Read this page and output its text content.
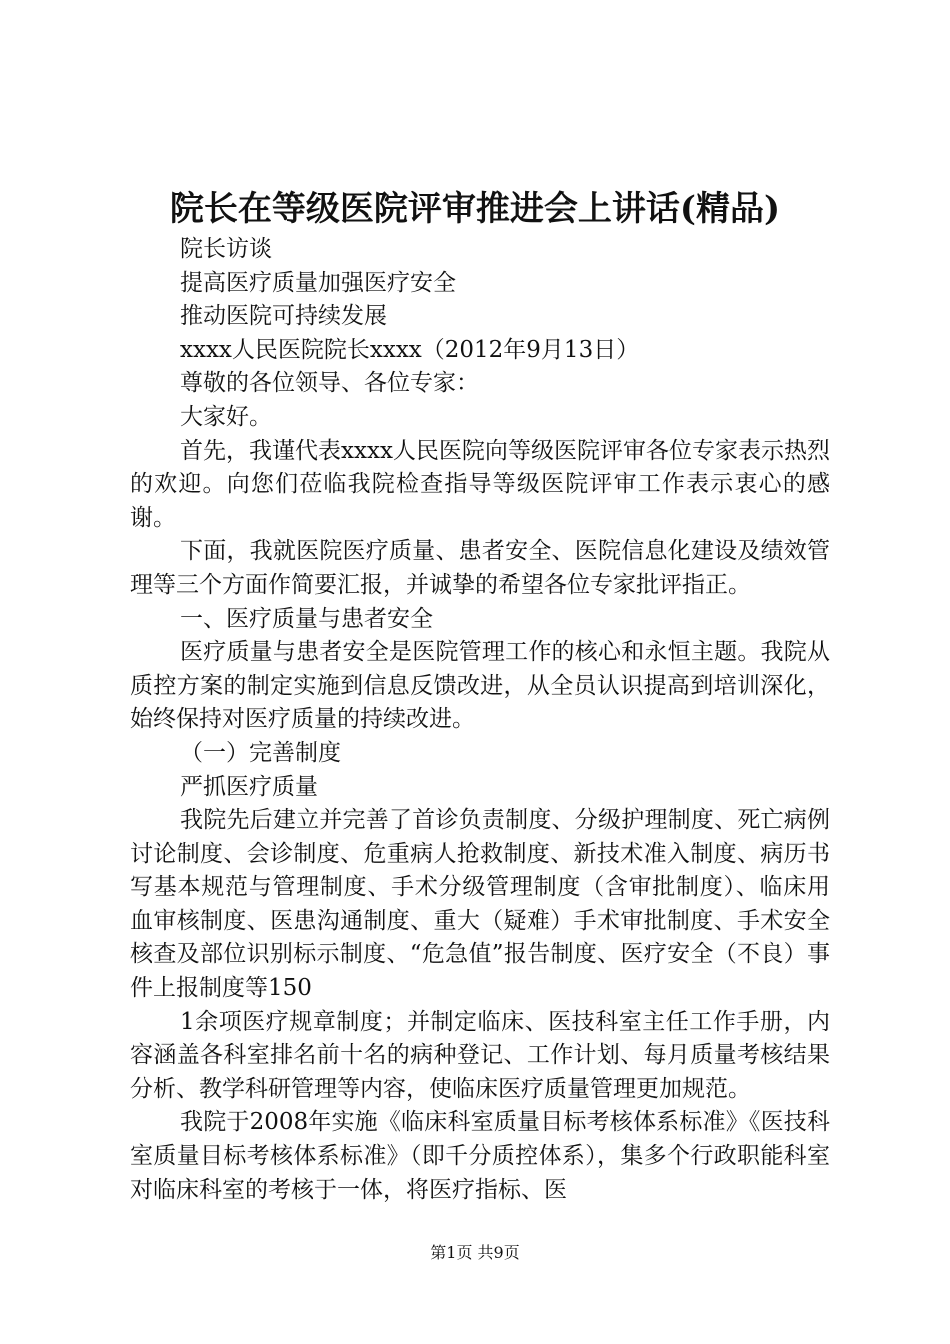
院长在等级医院评审推进会上讲话(精品)

院长访谈

提高医疗质量加强医疗安全

推动医院可持续发展

xxxx人民医院院长xxxx（2012年9月13日）

尊敬的各位领导、各位专家：

大家好。

首先，我谨代表xxxx人民医院向等级医院评审各位专家表示热烈的欢迎。向您们莅临我院检查指导等级医院评审工作表示衷心的感谢。

下面，我就医院医疗质量、患者安全、医院信息化建设及绩效管理等三个方面作简要汇报，并诚挚的希望各位专家批评指正。

一、医疗质量与患者安全

医疗质量与患者安全是医院管理工作的核心和永恒主题。我院从质控方案的制定实施到信息反馈改进，从全员认识提高到培训深化，始终保持对医疗质量的持续改进。

（一）完善制度

严抓医疗质量

我院先后建立并完善了首诊负责制度、分级护理制度、死亡病例讨论制度、会诊制度、危重病人抢救制度、新技术准入制度、病历书写基本规范与管理制度、手术分级管理制度（含审批制度）、临床用血审核制度、医患沟通制度、重大（疑难）手术审批制度、手术安全核查及部位识别标示制度、“危急值”报告制度、医疗安全（不良）事件上报制度等150

1余项医疗规章制度；并制定临床、医技科室主任工作手册，内容涵盖各科室排名前十名的病种登记、工作计划、每月质量考核结果分析、教学科研管理等内容，使临床医疗质量管理更加规范。

我院于2008年实施《临床科室质量目标考核体系标准》《医技科室质量目标考核体系标准》（即千分质控体系），集多个行政职能科室对临床科室的考核于一体，将医疗指标、医

第1页 共9页
